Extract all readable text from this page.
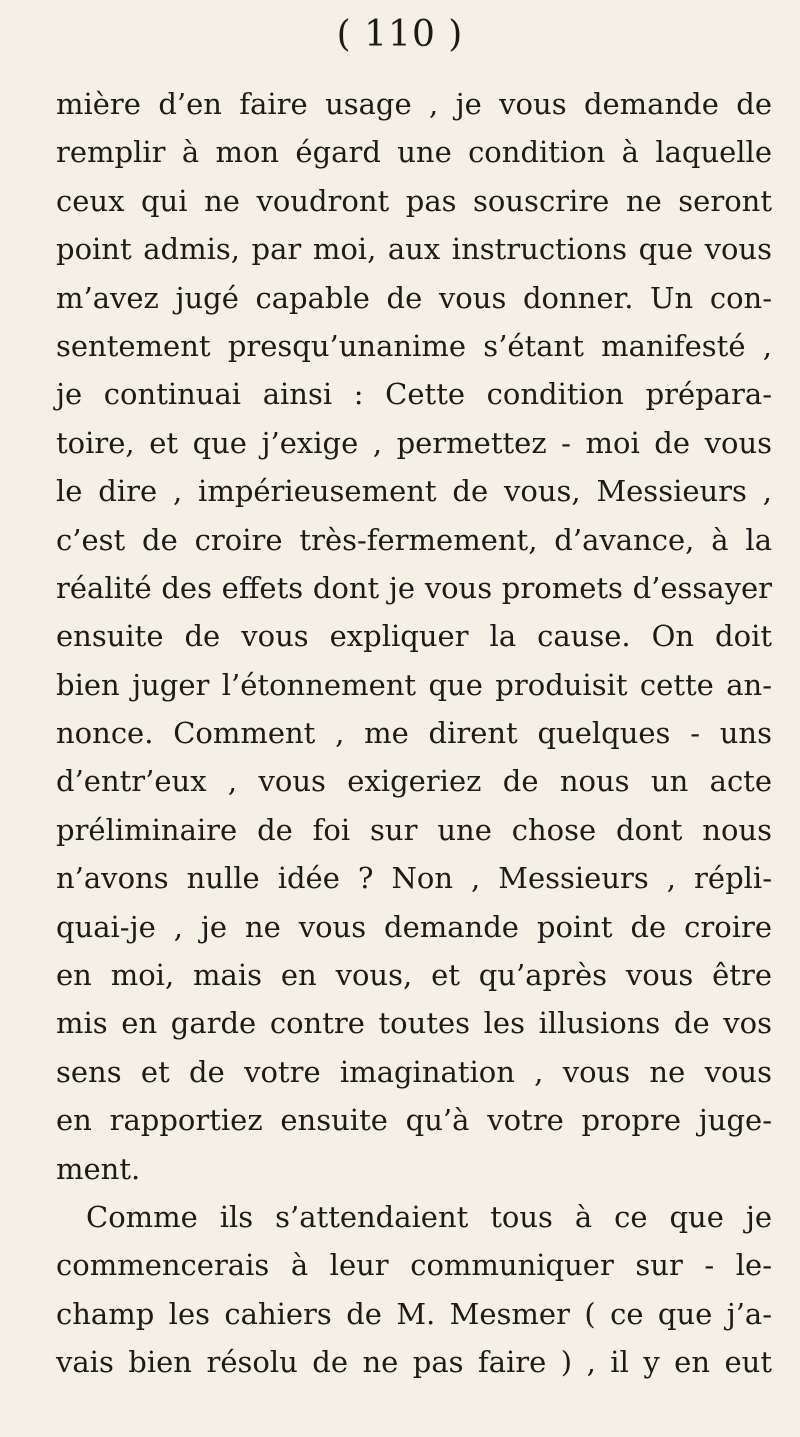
( 110 )
mière d’en faire usage , je vous demande de
remplir à mon égard une condition à laquelle
ceux qui ne voudront pas souscrire ne seront
point admis, par moi, aux instructions que vous
m’avez jugé capable de vous donner. Un con-
sentement presqu’unanime s’étant manifesté ,
je continuai ainsi : Cette condition prépara-
toire, et que j’exige , permettez - moi de vous
le dire , impérieusement de vous, Messieurs ,
c’est de croire très-fermement, d’avance, à la
réalité des effets dont je vous promets d’essayer
ensuite de vous expliquer la cause. On doit
bien juger l’étonnement que produisit cette an-
nonce. Comment , me dirent quelques - uns
d’entr’eux , vous exigeriez de nous un acte
préliminaire de foi sur une chose dont nous
n’avons nulle idée ? Non , Messieurs , répli-
quai-je , je ne vous demande point de croire
en moi, mais en vous, et qu’après vous être
mis en garde contre toutes les illusions de vos
sens et de votre imagination , vous ne vous
en rapportiez ensuite qu’à votre propre juge-
ment.
Comme ils s’attendaient tous à ce que je
commencerais à leur communiquer sur - le-
champ les cahiers de M. Mesmer ( ce que j’a-
vais bien résolu de ne pas faire ) , il y en eut
